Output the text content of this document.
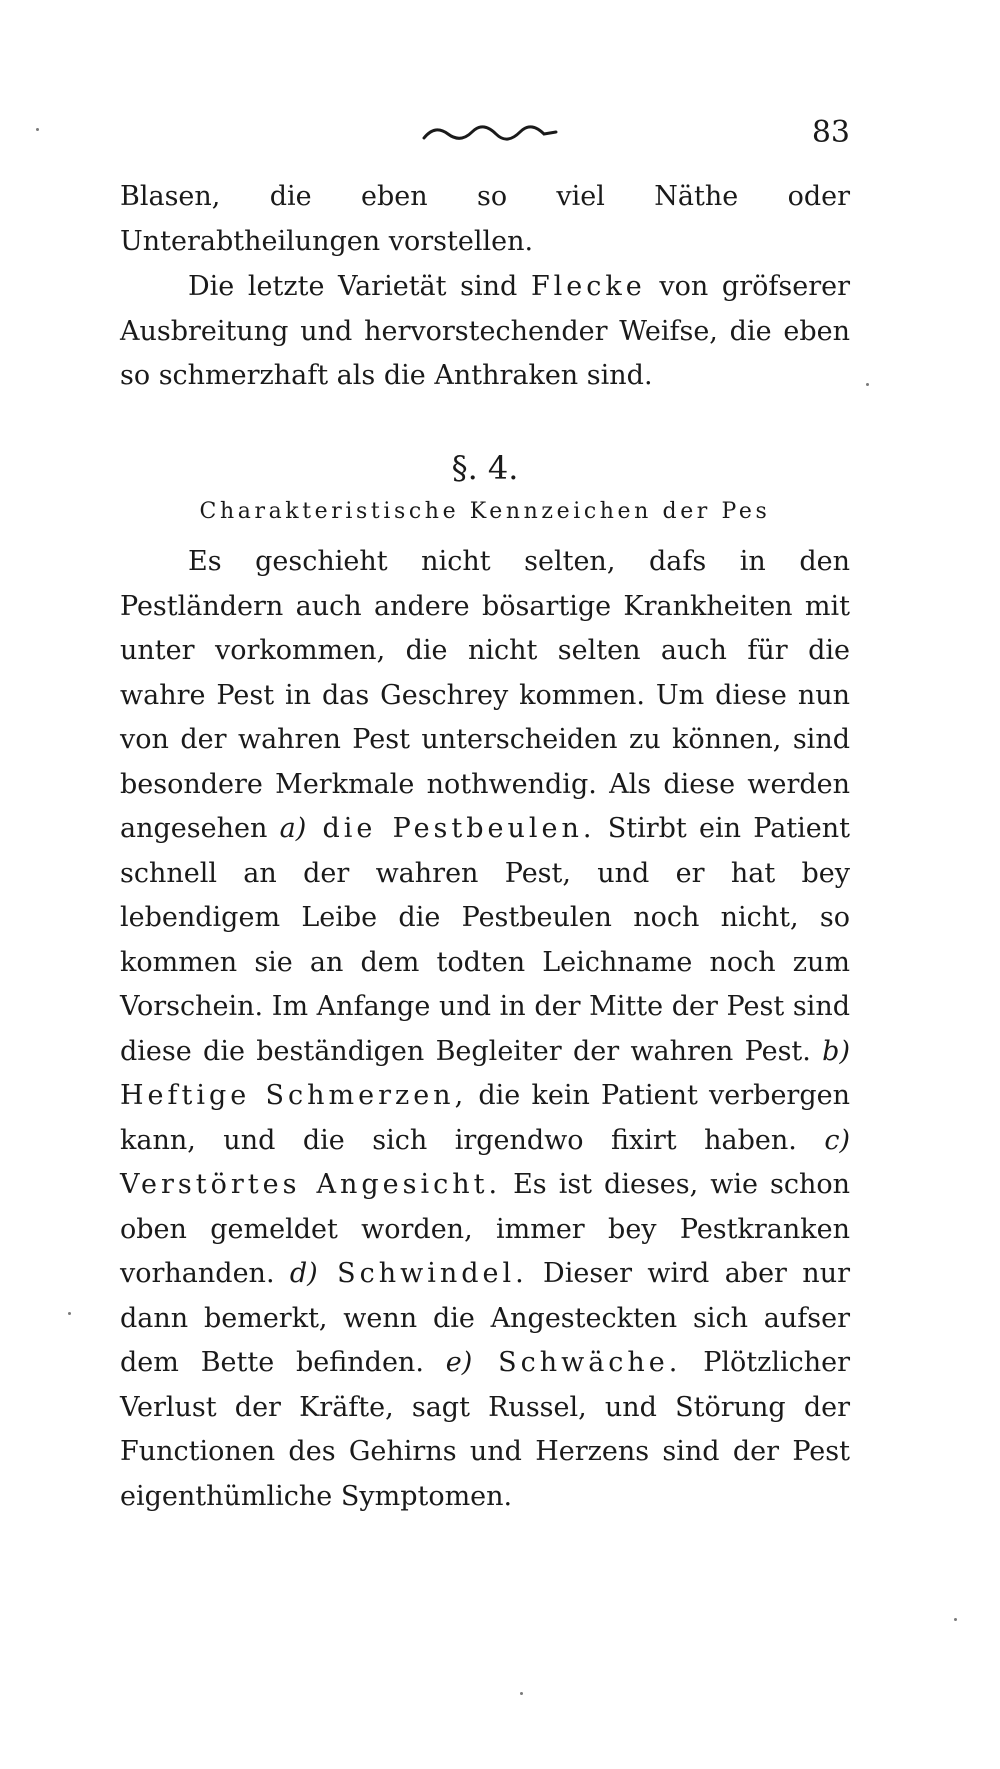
83

Blasen, die eben so viel Näthe oder Unterabtheilungen vorstellen.

Die letzte Varietät sind Flecke von gröfserer Ausbreitung und hervorstechender Weifse, die eben so schmerzhaft als die Anthraken sind.

§. 4.
Charakteristische Kennzeichen der Pes

Es geschieht nicht selten, dafs in den Pestländern auch andere bösartige Krankheiten mit unter vorkommen, die nicht selten auch für die wahre Pest in das Geschrey kommen. Um diese nun von der wahren Pest unterscheiden zu können, sind besondere Merkmale nothwendig. Als diese werden angesehen a) die Pestbeulen. Stirbt ein Patient schnell an der wahren Pest, und er hat bey lebendigem Leibe die Pestbeulen noch nicht, so kommen sie an dem todten Leichname noch zum Vorschein. Im Anfange und in der Mitte der Pest sind diese die beständigen Begleiter der wahren Pest. b) Heftige Schmerzen, die kein Patient verbergen kann, und die sich irgendwo fixirt haben. c) Verstörtes Angesicht. Es ist dieses, wie schon oben gemeldet worden, immer bey Pestkranken vorhanden. d) Schwindel. Dieser wird aber nur dann bemerkt, wenn die Angesteckten sich aufser dem Bette befinden. e) Schwäche. Plötzlicher Verlust der Kräfte, sagt Russel, und Störung der Functionen des Gehirns und Herzens sind der Pest eigenthümliche Symptomen.
